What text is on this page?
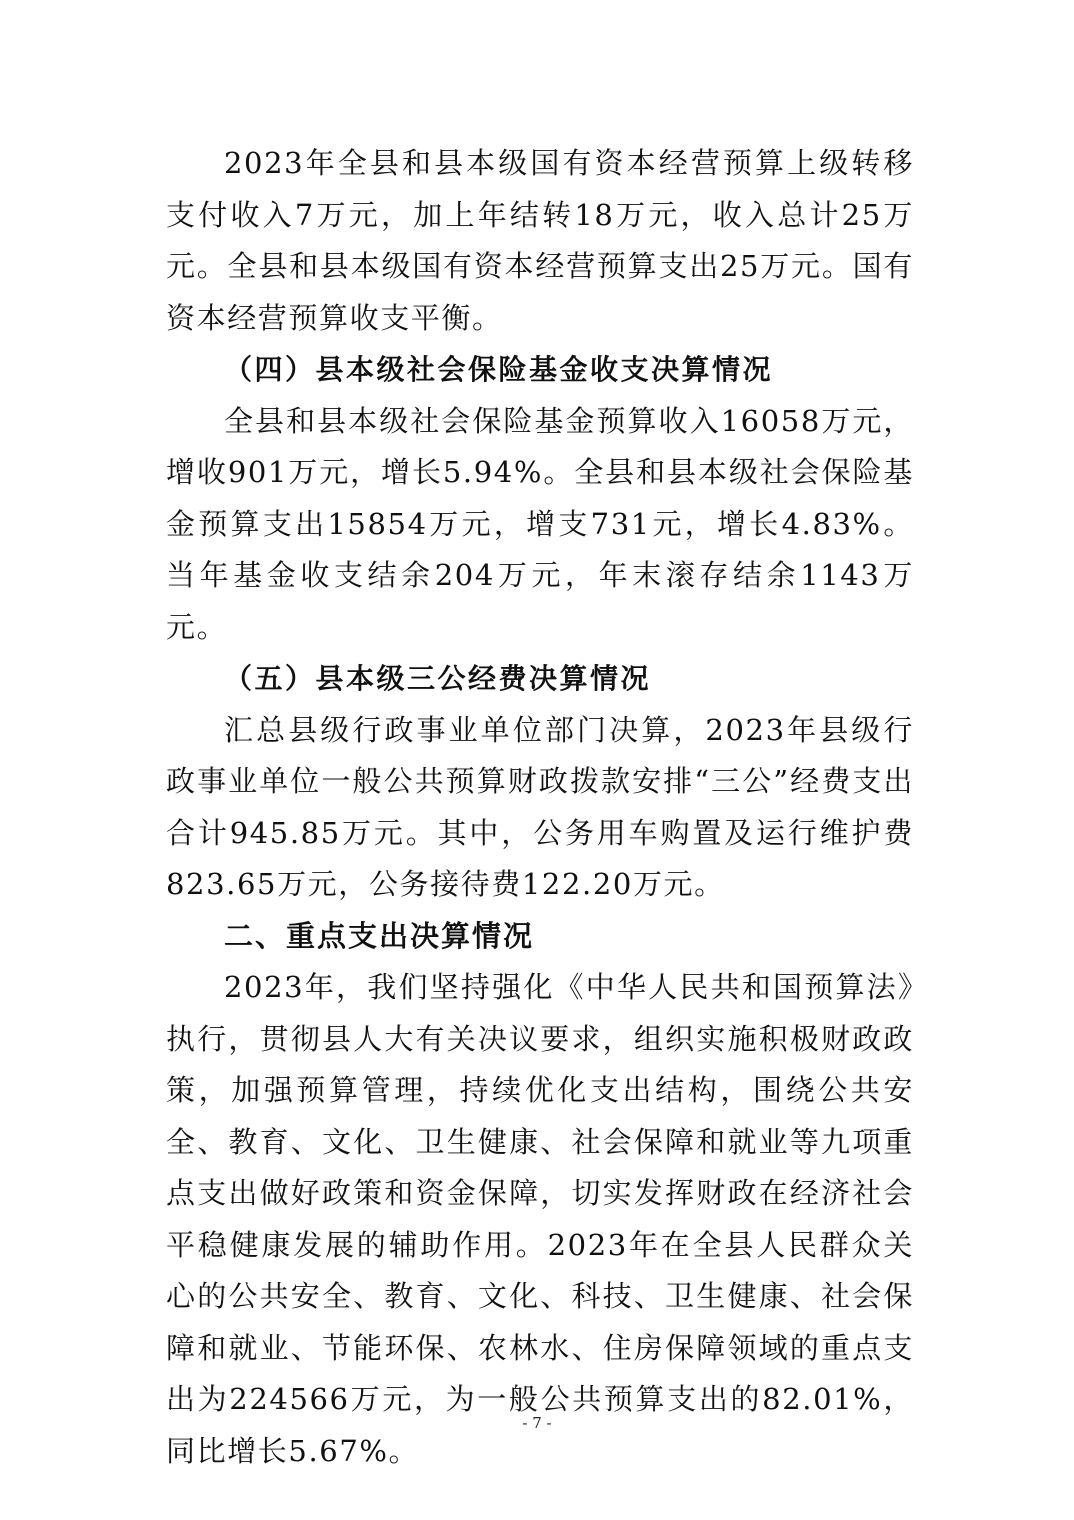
2023年全县和县本级国有资本经营预算上级转移支付收入7万元，加上年结转18万元，收入总计25万元。全县和县本级国有资本经营预算支出25万元。国有资本经营预算收支平衡。

（四）县本级社会保险基金收支决算情况

全县和县本级社会保险基金预算收入16058万元，增收901万元，增长5.94%。全县和县本级社会保险基金预算支出15854万元，增支731元，增长4.83%。当年基金收支结余204万元，年末滚存结余1143万元。

（五）县本级三公经费决算情况

汇总县级行政事业单位部门决算，2023年县级行政事业单位一般公共预算财政拨款安排“三公”经费支出合计945.85万元。其中，公务用车购置及运行维护费823.65万元，公务接待费122.20万元。

二、重点支出决算情况

2023年，我们坚持强化《中华人民共和国预算法》执行，贯彻县人大有关决议要求，组织实施积极财政政策，加强预算管理，持续优化支出结构，围绕公共安全、教育、文化、卫生健康、社会保障和就业等九项重点支出做好政策和资金保障，切实发挥财政在经济社会平稳健康发展的辅助作用。2023年在全县人民群众关心的公共安全、教育、文化、科技、卫生健康、社会保障和就业、节能环保、农林水、住房保障领域的重点支出为224566万元，为一般公共预算支出的82.01%，同比增长5.67%。

- 7 -
